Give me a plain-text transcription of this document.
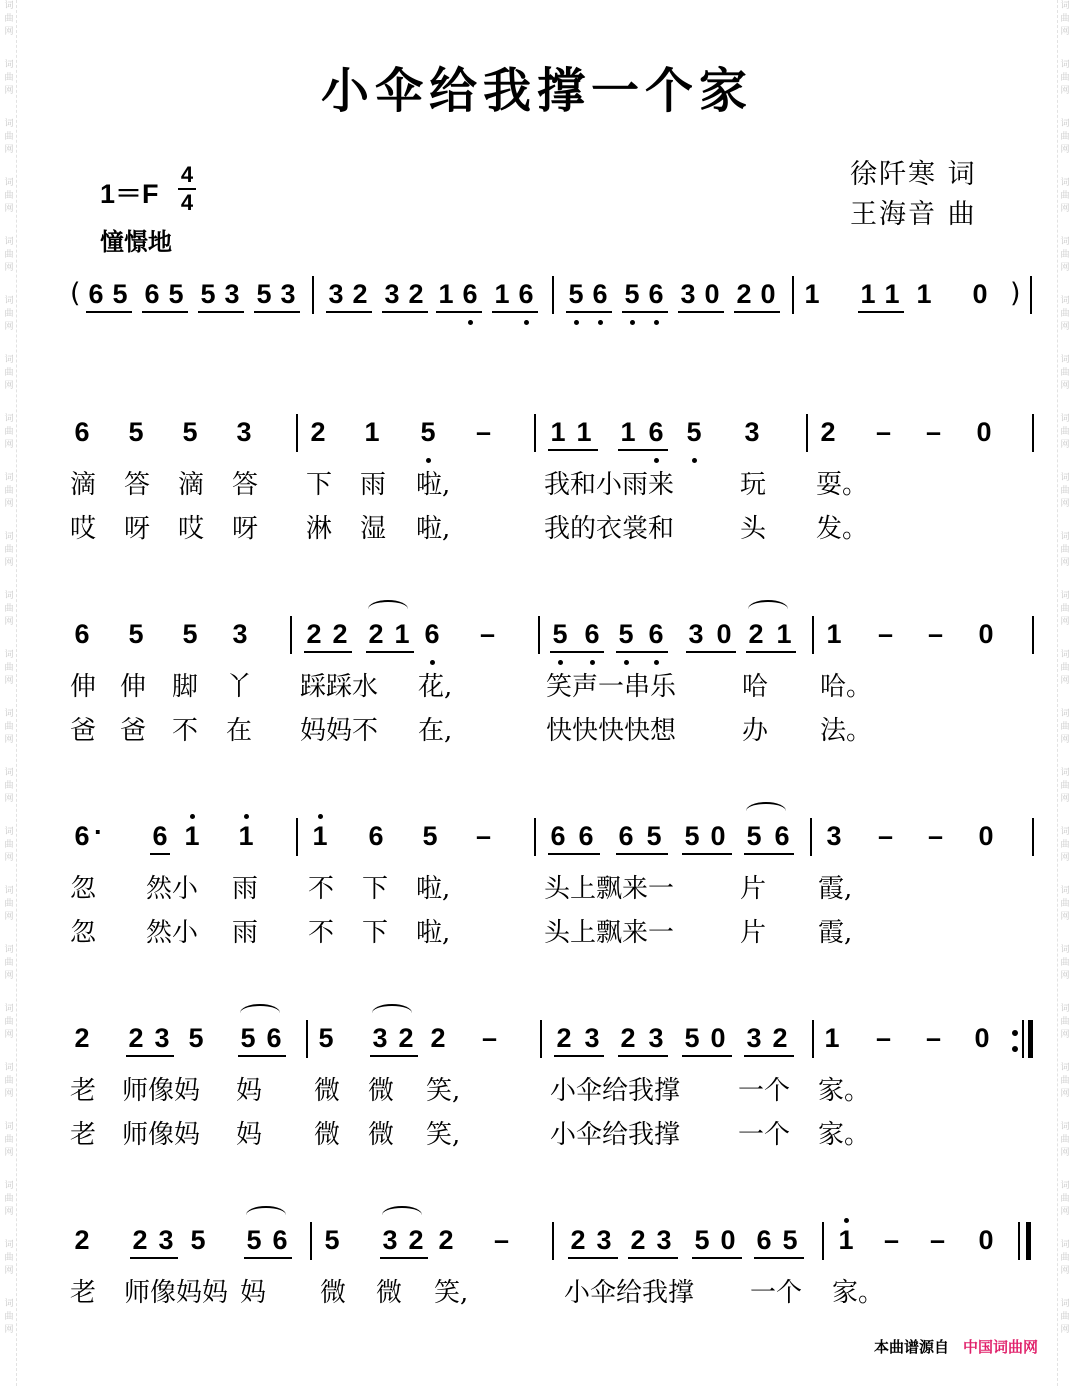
词曲网
词曲网
词曲网
词曲网
词曲网
词曲网
词曲网
词曲网
词曲网
词曲网
词曲网
词曲网
词曲网
词曲网
词曲网
词曲网
词曲网
词曲网
词曲网
词曲网
词曲网
词曲网
词曲网
词曲网
词曲网
词曲网
词曲网
词曲网
词曲网
词曲网
词曲网
词曲网
词曲网
词曲网
词曲网
词曲网
词曲网
词曲网
词曲网
词曲网
词曲网
词曲网
词曲网
词曲网
词曲网
词曲网
小伞给我撑一个家
徐阡寒 词
王海音 曲
1＝F
4
4
憧憬地
( 6 5 6 5 5 3 5 3 3 2 3 2 1 6 1 6 5 6 5 6 3 0 2 0 1 1 1 1 0 )
6 5 5 3 2 1 5 – 1 1 1 6 5 3 2 – – 0
滴 答 滴 答 下 雨 啦,	我和小雨来	玩 耍。
哎 呀 哎 呀 淋 湿 啦,	我的衣裳和	头 发。
6 5 5 3 2 2 2 1 6 – 5 6 5 6 3 0 2 1 1 – – 0
伸 伸 脚 丫 踩踩水 花,	笑声一串乐	哈 哈。
爸 爸 不 在 妈妈不 在,	快快快快想	办 法。
6 · 6 1 1 1 6 5 – 6 6 6 5 5 0 5 6 3 – – 0
忽 然小 雨 不 下 啦,	头上飘来一	片 霞,
忽 然小 雨 不 下 啦,	头上飘来一	片 霞,
2 2 3 5 5 6 5 3 2 2 – 2 3 2 3 5 0 3 2 1 – – 0
老 师像妈 妈 微 微 笑,	小伞给我撑 一个 家。
老 师像妈 妈 微 微 笑,	小伞给我撑 一个 家。
2 2 3 5 5 6 5 3 2 2 – 2 3 2 3 5 0 6 5 1 – – 0
老 师像妈妈 妈 微 微 笑,	小伞给我撑 一个 家。
本曲谱源自 中国词曲网
